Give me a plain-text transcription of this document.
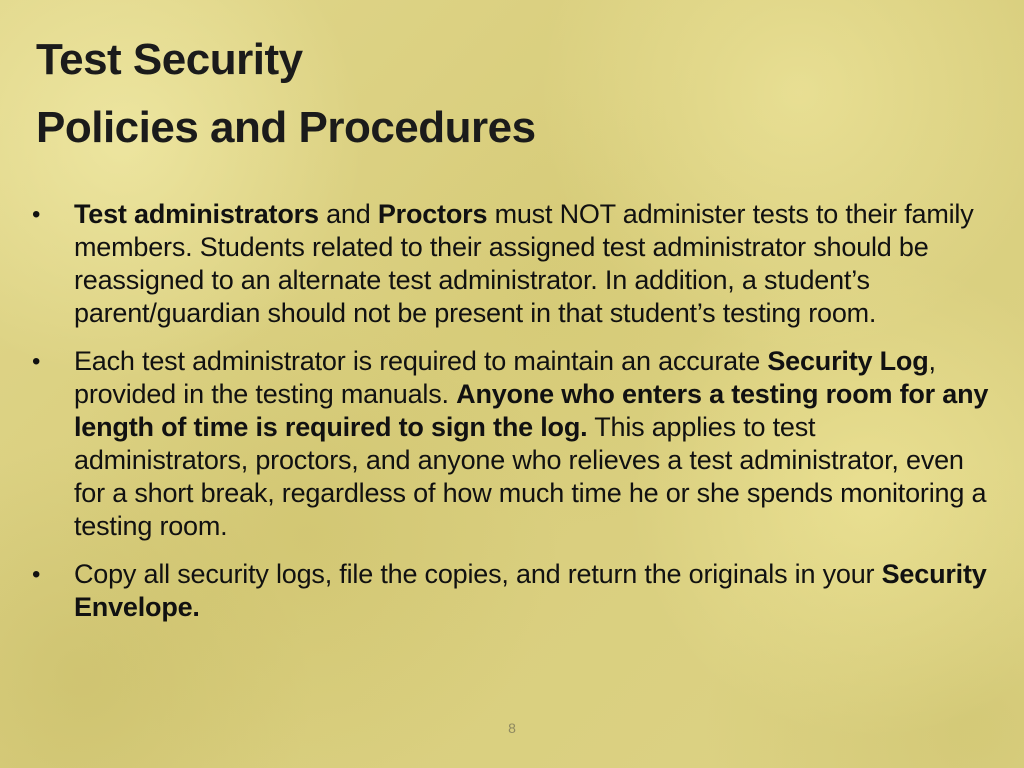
Test Security
Policies and Procedures
•	Test administrators and Proctors must NOT administer tests to their family members. Students related to their assigned test administrator should be reassigned to an alternate test administrator. In addition, a student’s parent/guardian should not be present in that student’s testing room.
•	Each test administrator is required to maintain an accurate Security Log, provided in the testing manuals. Anyone who enters a testing room for any length of time is required to sign the log. This applies to test administrators, proctors, and anyone who relieves a test administrator, even for a short break, regardless of how much time he or she spends monitoring a testing room.
•	Copy all security logs, file the copies, and return the originals in your Security Envelope.
8
